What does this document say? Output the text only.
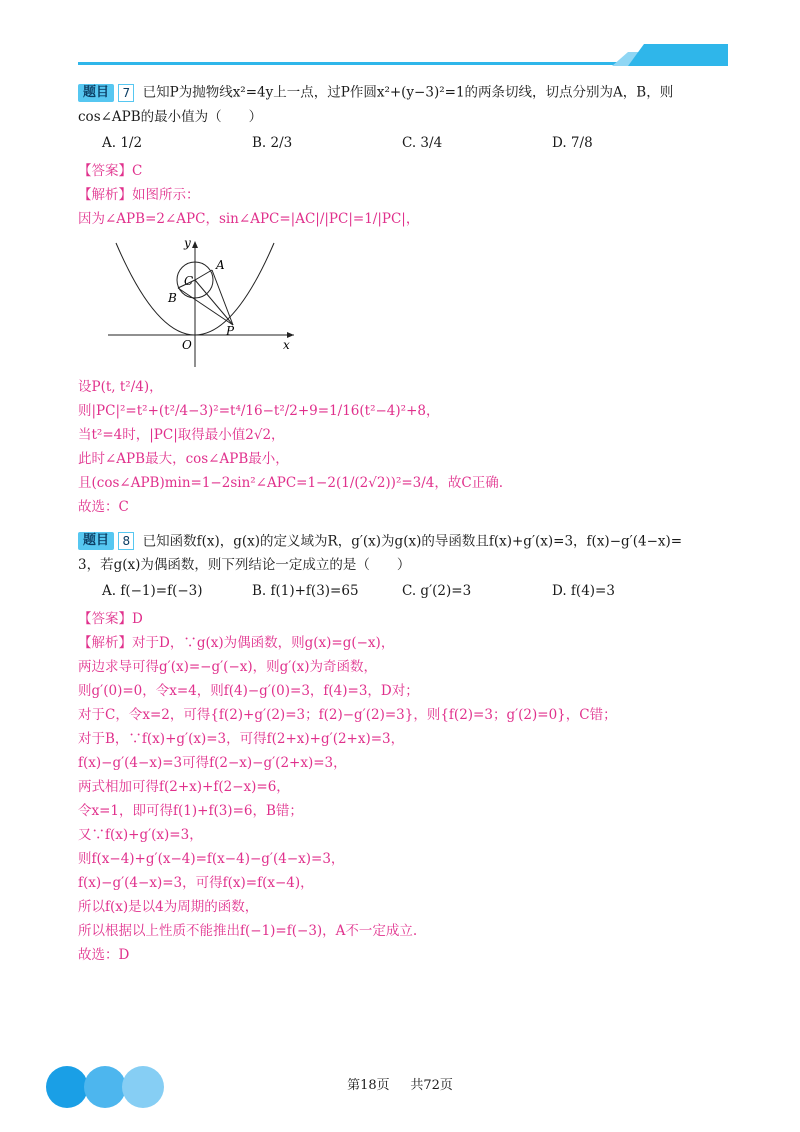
题目 7 已知P为抛物线x²=4y上一点，过P作圆x²+(y−3)²=1的两条切线，切点分别为A，B，则
cos∠APB的最小值为（　　）
A. 1/2	B. 2/3	C. 3/4	D. 7/8
【答案】C
【解析】如图所示：
因为∠APB=2∠APC，sin∠APC=|AC|/|PC|=1/|PC|，
y
x
O
A
B
C
P
设P(t, t²/4)，
则|PC|²=t²+(t²/4−3)²=t⁴/16−t²/2+9=1/16(t²−4)²+8，
当t²=4时，|PC|取得最小值2√2，
此时∠APB最大，cos∠APB最小，
且(cos∠APB)min=1−2sin²∠APC=1−2(1/(2√2))²=3/4，故C正确.
故选：C
题目 8 已知函数f(x)，g(x)的定义域为R，g′(x)为g(x)的导函数且f(x)+g′(x)=3，f(x)−g′(4−x)=
3，若g(x)为偶函数，则下列结论一定成立的是（　　）
A. f(−1)=f(−3)	B. f(1)+f(3)=65	C. g′(2)=3	D. f(4)=3
【答案】D
【解析】对于D，∵g(x)为偶函数，则g(x)=g(−x)，
两边求导可得g′(x)=−g′(−x)，则g′(x)为奇函数，
则g′(0)=0，令x=4，则f(4)−g′(0)=3，f(4)=3，D对；
对于C，令x=2，可得{f(2)+g′(2)=3；f(2)−g′(2)=3}，则{f(2)=3；g′(2)=0}，C错；
对于B，∵f(x)+g′(x)=3，可得f(2+x)+g′(2+x)=3，
f(x)−g′(4−x)=3可得f(2−x)−g′(2+x)=3，
两式相加可得f(2+x)+f(2−x)=6，
令x=1，即可得f(1)+f(3)=6，B错；
又∵f(x)+g′(x)=3，
则f(x−4)+g′(x−4)=f(x−4)−g′(4−x)=3，
f(x)−g′(4−x)=3，可得f(x)=f(x−4)，
所以f(x)是以4为周期的函数，
所以根据以上性质不能推出f(−1)=f(−3)，A不一定成立.
故选：D
第18页 共72页
